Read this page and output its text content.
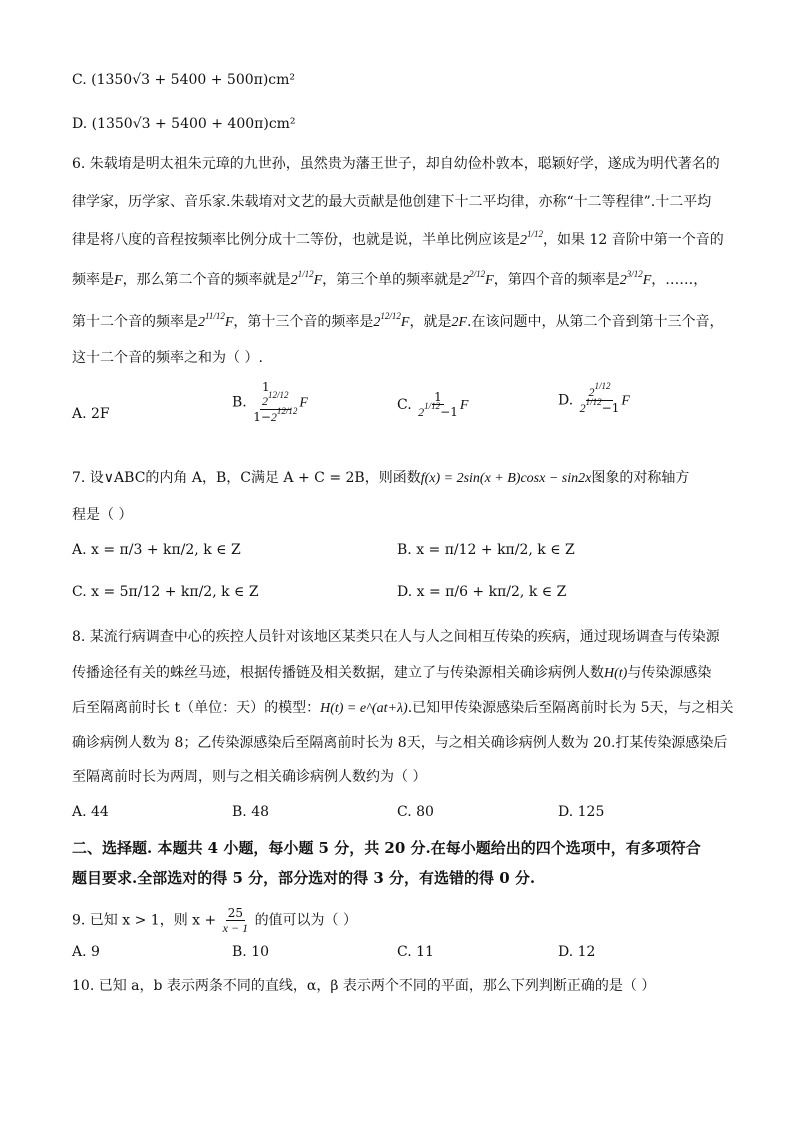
C. (1350√3 + 5400 + 500π)cm²
D. (1350√3 + 5400 + 400π)cm²
6. 朱载堉是明太祖朱元璋的九世孙，虽然贵为藩王世子，却自幼俭朴敦本，聪颖好学，遂成为明代著名的
律学家，历学家、音乐家.朱载堉对文艺的最大贡献是他创建下十二平均律，亦称“十二等程律”.十二平均
律是将八度的音程按频率比例分成十二等份，也就是说，半单比例应该是$2^{1/12}$，如果 12 音阶中第一个音的
频率是F，那么第二个音的频率就是$2^{1/12}F$，第三个单的频率就是$2^{2/12}F$，第四个音的频率是$2^{3/12}F$，……，
第十二个音的频率是$2^{11/12}F$，第十三个音的频率是$2^{12/12}F$，就是2F.在该问题中，从第二个音到第十三个音，
这十二个音的频率之和为（ ）.
A. 2F
B.
1
$2^{12/12}$
$1-2^{12/12}$
F	C. $\frac{1}{2^{1/12}-1}$ F	D. $\frac{2^{1/12}}{2^{1/12}-1}$ F
7. 设∨ABC的内角 A，B，C满足 A + C = 2B，则函数f(x) = 2sin(x + B)cosx − sin2x图象的对称轴方
程是（ ）
A. x = π/3 + kπ/2, k ∈ Z	B. x = π/12 + kπ/2, k ∈ Z
C. x = 5π/12 + kπ/2, k ∈ Z	D. x = π/6 + kπ/2, k ∈ Z
8. 某流行病调查中心的疾控人员针对该地区某类只在人与人之间相互传染的疾病，通过现场调查与传染源
传播途径有关的蛛丝马迹，根据传播链及相关数据，建立了与传染源相关确诊病例人数H(t)与传染源感染
后至隔离前时长 t（单位：天）的模型：H(t) = e^(at+λ).已知甲传染源感染后至隔离前时长为 5天，与之相关
确诊病例人数为 8；乙传染源感染后至隔离前时长为 8天，与之相关确诊病例人数为 20.打某传染源感染后
至隔离前时长为两周，则与之相关确诊病例人数约为（ ）
A. 44	B. 48	C. 80	D. 125
二、选择题. 本题共 4 小题，每小题 5 分，共 20 分.在每小题给出的四个选项中，有多项符合
题目要求.全部选对的得 5 分，部分选对的得 3 分，有选错的得 0 分.
9. 已知 x > 1，则 $x + \frac{25}{x - 1}$ 的值可以为（ ）
A. 9	B. 10	C. 11	D. 12
10. 已知 a，b 表示两条不同的直线，α，β 表示两个不同的平面，那么下列判断正确的是（ ）
